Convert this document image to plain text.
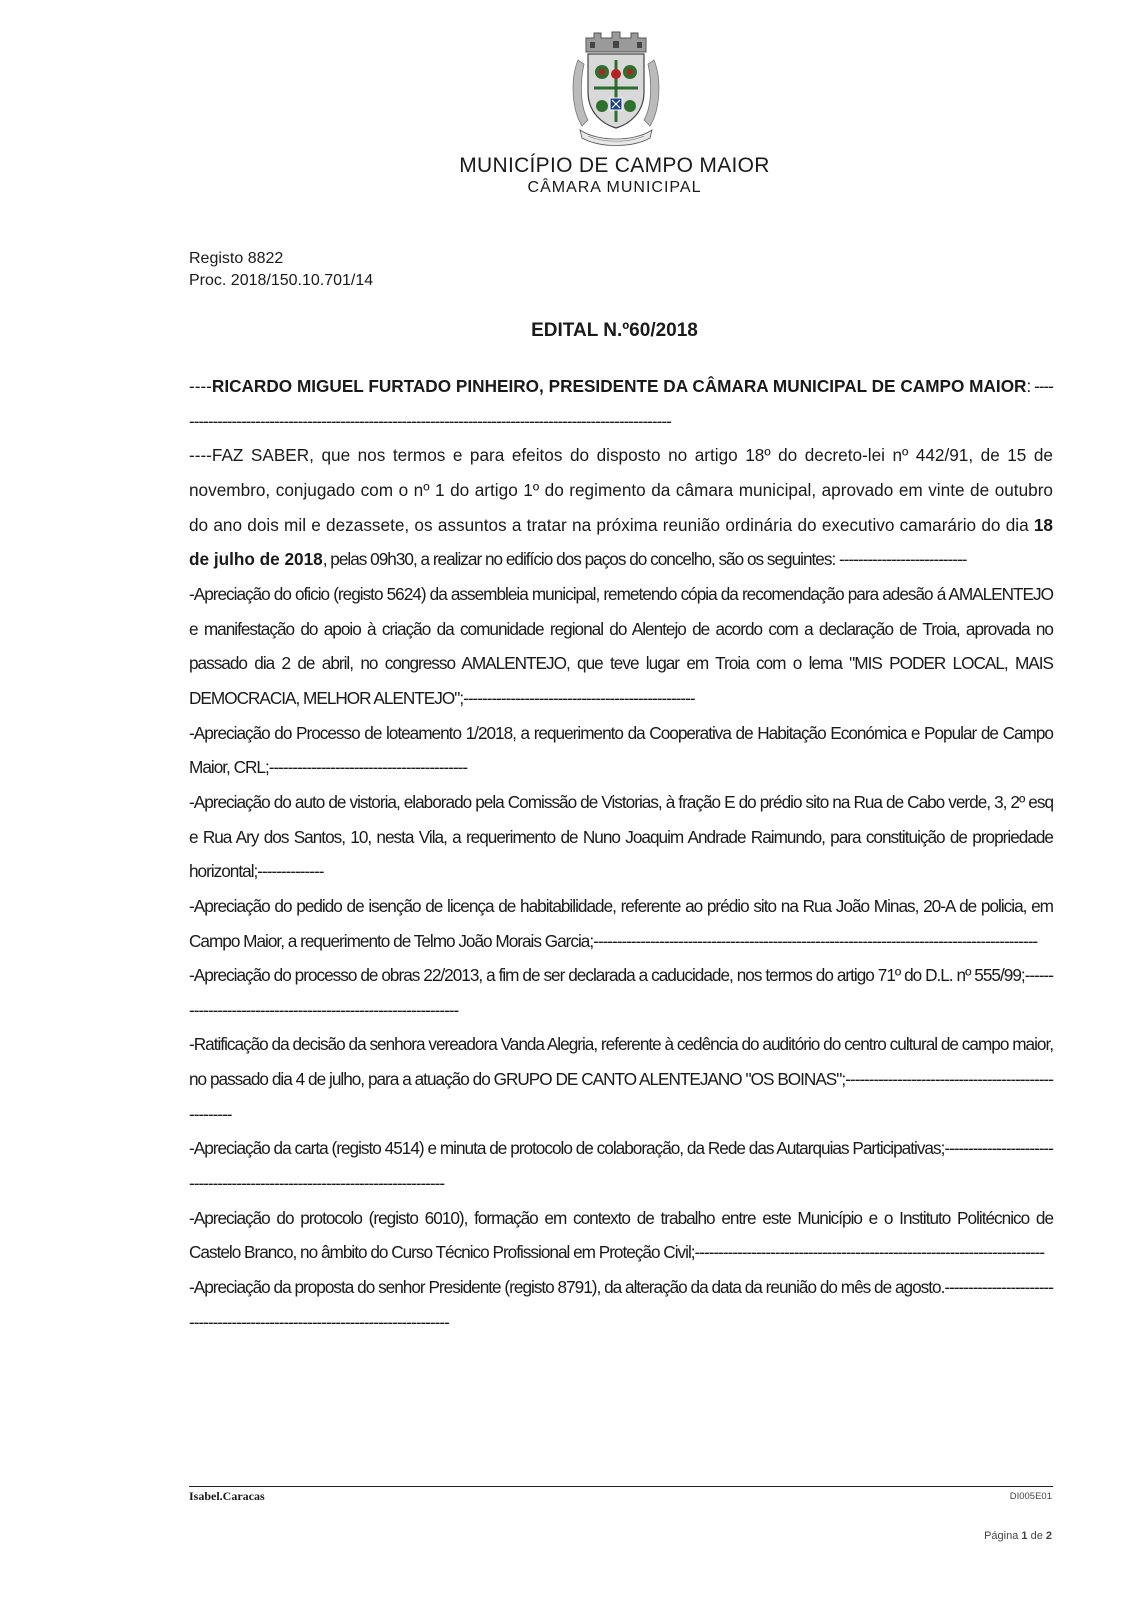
MUNICÍPIO DE CAMPO MAIOR
CÂMARA MUNICIPAL
Registo 8822
Proc. 2018/150.10.701/14
EDITAL N.º60/2018

----RICARDO MIGUEL FURTADO PINHEIRO, PRESIDENTE DA CÂMARA MUNICIPAL DE CAMPO MAIOR: ----------------------------------------------------------------------------------------------------------

----FAZ SABER, que nos termos e para efeitos do disposto no artigo 18º do decreto-lei nº 442/91, de 15 de novembro, conjugado com o nº 1 do artigo 1º do regimento da câmara municipal, aprovado em vinte de outubro do ano dois mil e dezassete, os assuntos a tratar na próxima reunião ordinária do executivo camarário do dia 18 de julho de 2018, pelas 09h30, a realizar no edifício dos paços do concelho, são os seguintes: ---------------------------

-Apreciação do oficio (registo 5624) da assembleia municipal, remetendo cópia da recomendação para adesão á AMALENTEJO e manifestação do apoio à criação da comunidade regional do Alentejo de acordo com a declaração de Troia, aprovada no passado dia 2 de abril, no congresso AMALENTEJO, que teve lugar em Troia com o lema "MIS PODER LOCAL, MAIS DEMOCRACIA, MELHOR ALENTEJO";-------------------------------------------------

-Apreciação do Processo de loteamento 1/2018, a requerimento da Cooperativa de Habitação Económica e Popular de Campo Maior, CRL;------------------------------------------

-Apreciação do auto de vistoria, elaborado pela Comissão de Vistorias, à fração E do prédio sito na Rua de Cabo verde, 3, 2º esq e Rua Ary dos Santos, 10, nesta Vila, a requerimento de Nuno Joaquim Andrade Raimundo, para constituição de propriedade horizontal;--------------

-Apreciação do pedido de isenção de licença de habitabilidade, referente ao prédio sito na Rua João Minas, 20-A de policia, em Campo Maior, a requerimento de Telmo João Morais Garcia;----------------------------------------------------------------------------------------------

-Apreciação do processo de obras 22/2013, a fim de ser declarada a caducidade, nos termos do artigo 71º do D.L. nº 555/99;---------------------------------------------------------------

-Ratificação da decisão da senhora vereadora Vanda Alegria, referente à cedência do auditório do centro cultural de campo maior, no passado dia 4 de julho, para a atuação do GRUPO DE CANTO ALENTEJANO "OS BOINAS";-----------------------------------------------------

-Apreciação da carta (registo 4514) e minuta de protocolo de colaboração, da Rede das Autarquias Participativas;-----------------------------------------------------------------------------

-Apreciação do protocolo (registo 6010), formação em contexto de trabalho entre este Município e o Instituto Politécnico de Castelo Branco, no âmbito do Curso Técnico Profissional em Proteção Civil;--------------------------------------------------------------------------

-Apreciação da proposta do senhor Presidente (registo 8791), da alteração da data da reunião do mês de agosto.------------------------------------------------------------------------------

Isabel.Caracas	DI005E01
Página 1 de 2
